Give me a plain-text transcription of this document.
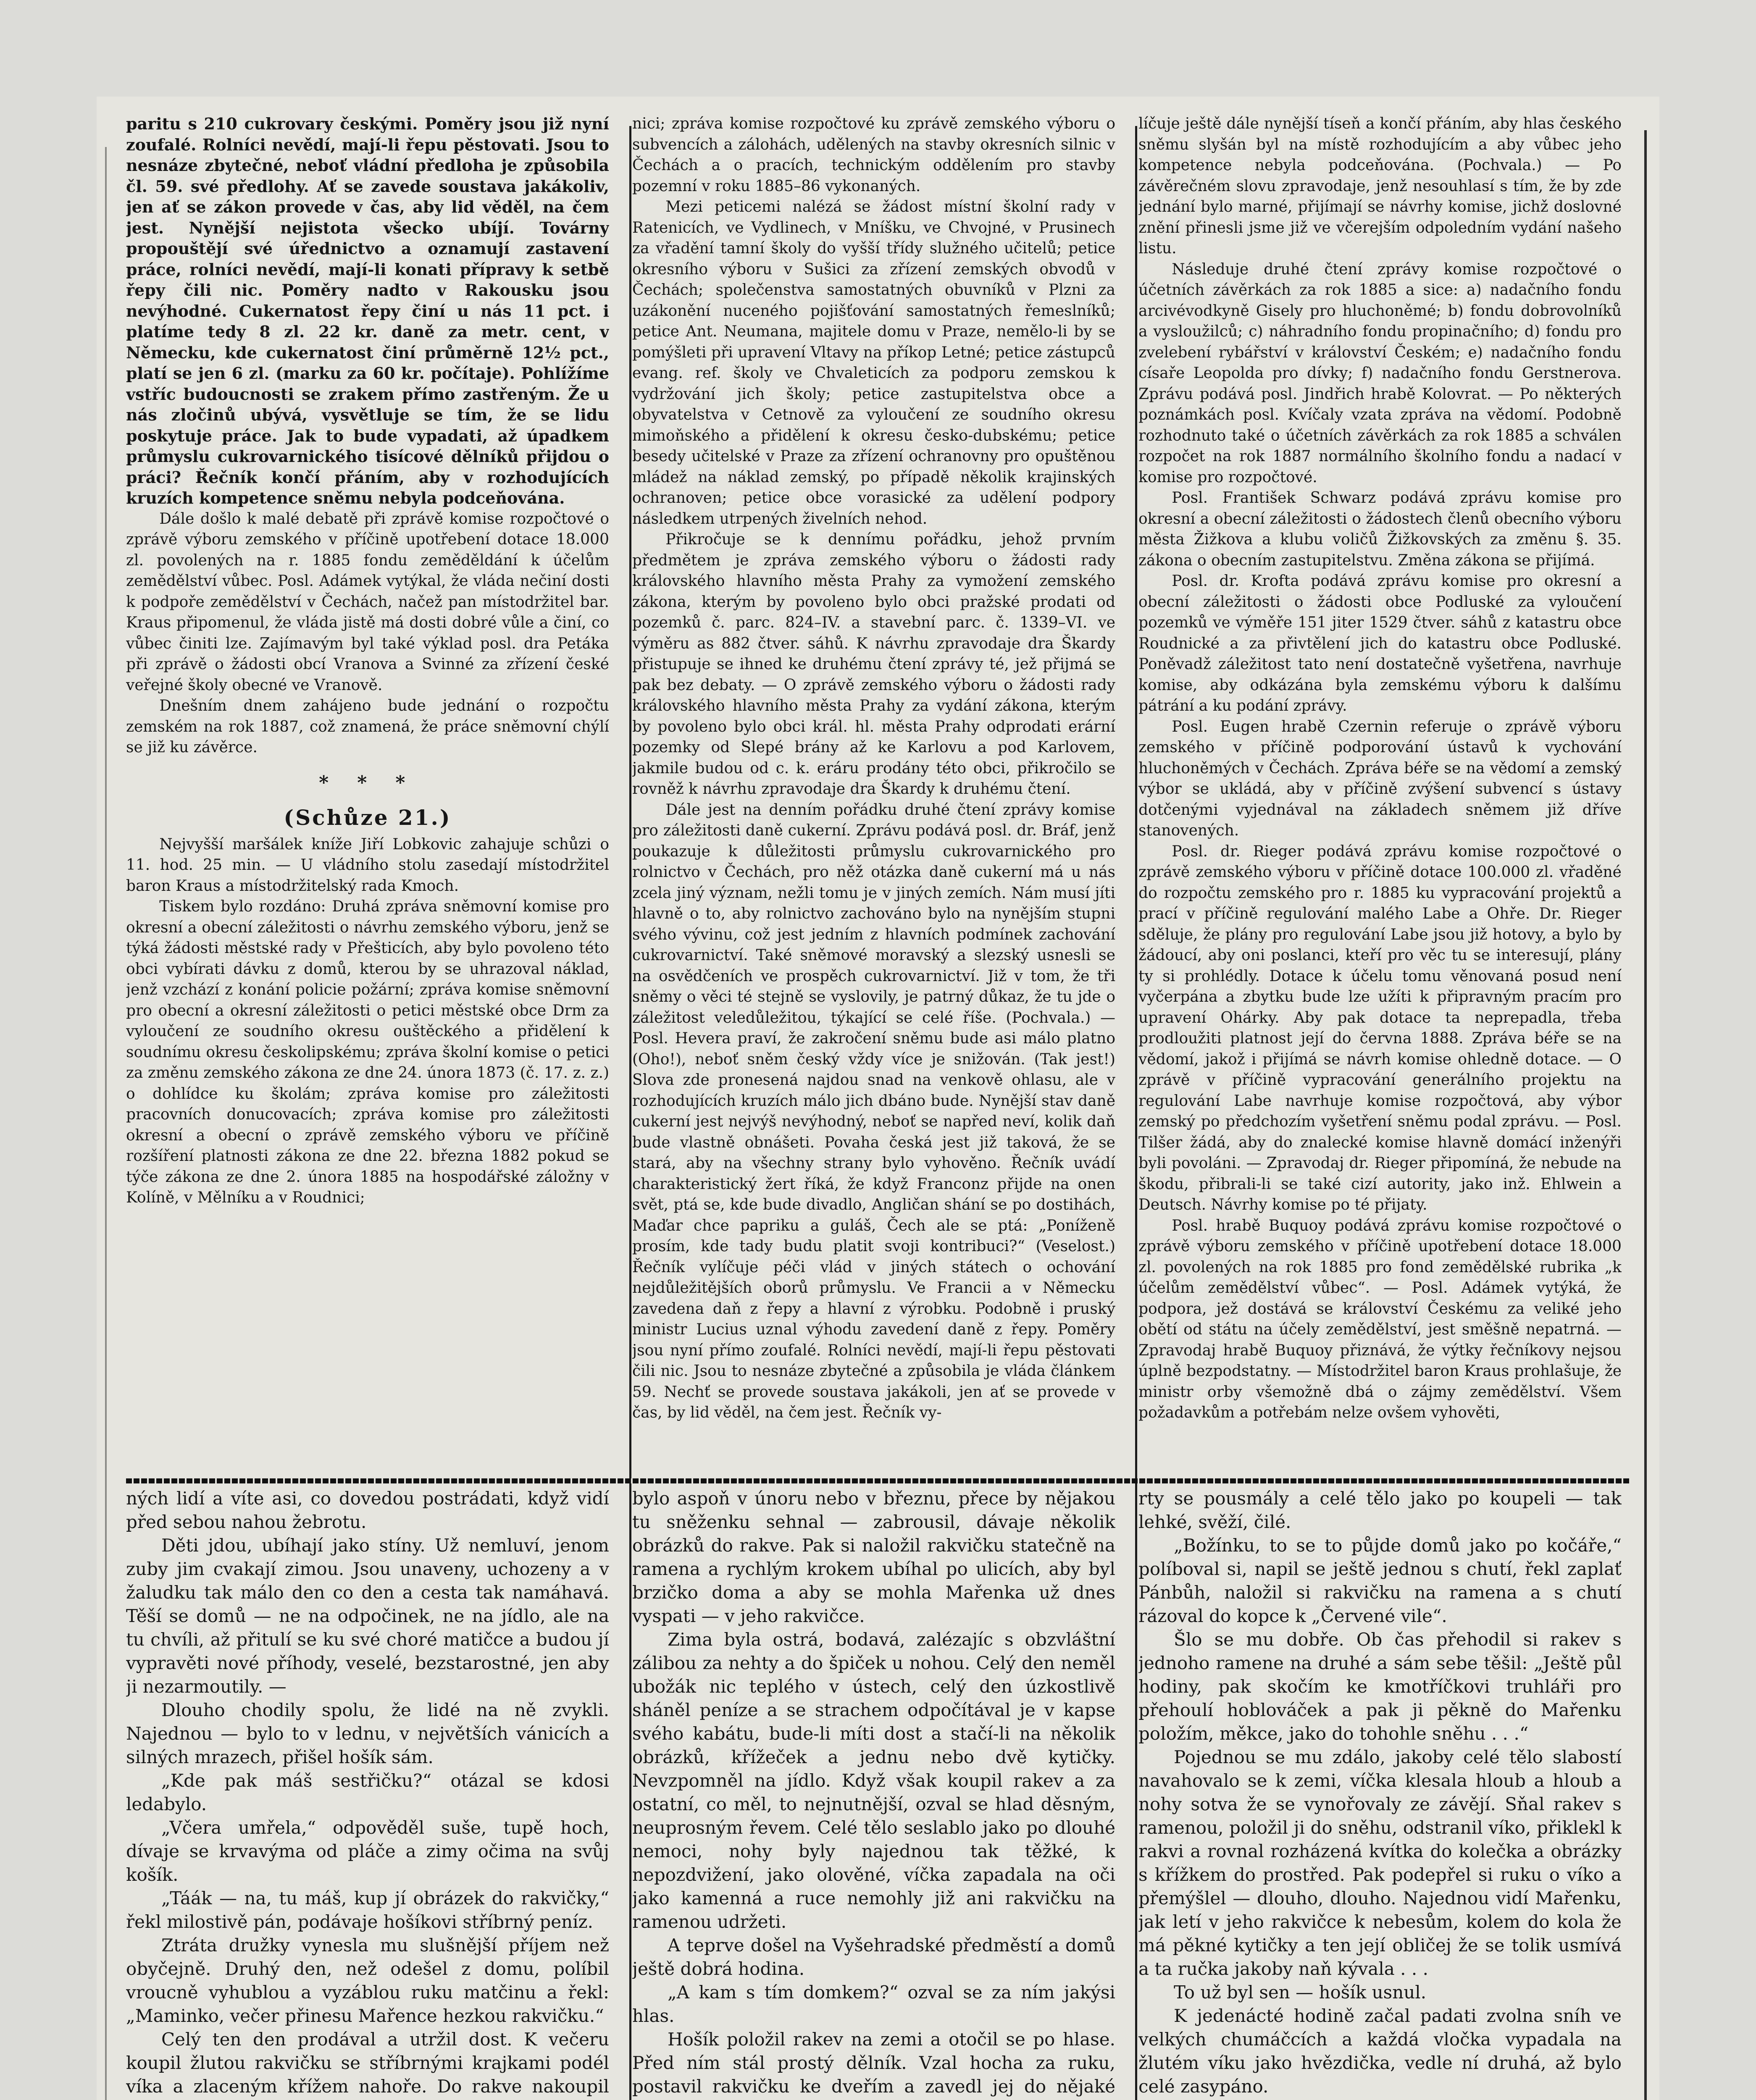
paritu s 210 cukrovary českými. Poměry jsou již nyní zoufalé. Rolníci nevědí, mají-li řepu pěstovati. Jsou to nesnáze zbytečné, neboť vládní předloha je způsobila čl. 59. své předlohy. Ať se zavede soustava jakákoliv, jen ať se zákon provede v čas, aby lid věděl, na čem jest. Nynější nejistota všecko ubíjí. Továrny propouštějí své úřednictvo a oznamují zastavení práce, rolníci nevědí, mají-li konati přípravy k setbě řepy čili nic. Poměry nadto v Rakousku jsou nevýhodné. Cukernatost řepy činí u nás 11 pct. i platíme tedy 8 zl. 22 kr. daně za metr. cent, v Německu, kde cukernatost činí průměrně 12½ pct., platí se jen 6 zl. (marku za 60 kr. počítaje). Pohlížíme vstříc budoucnosti se zrakem přímo zastřeným. Že u nás zločinů ubývá, vysvětluje se tím, že se lidu poskytuje práce. Jak to bude vypadati, až úpadkem průmyslu cukrovarnického tisícové dělníků přijdou o práci? Řečník končí přáním, aby v rozhodujících kruzích kompetence sněmu nebyla podceňována.

Dále došlo k malé debatě při zprávě komise rozpočtové o zprávě výboru zemského v příčině upotřebení dotace 18.000 zl. povolených na r. 1885 fondu zeměděldání k účelům zemědělství vůbec. Posl. Adámek vytýkal, že vláda nečiní dosti k podpoře zemědělství v Čechách, načež pan místodržitel bar. Kraus připomenul, že vláda jistě má dosti dobré vůle a činí, co vůbec činiti lze. Zajímavým byl také výklad posl. dra Petáka při zprávě o žádosti obcí Vranova a Svinné za zřízení české veřejné školy obecné ve Vranově.

Dnešním dnem zahájeno bude jednání o rozpočtu zemském na rok 1887, což znamená, že práce sněmovní chýlí se již ku závěrce.

* * *

(Schůze 21.)

Nejvyšší maršálek kníže Jiří Lobkovic zahajuje schůzi o 11. hod. 25 min. — U vládního stolu zasedají místodržitel baron Kraus a místodržitelský rada Kmoch.

Tiskem bylo rozdáno: Druhá zpráva sněmovní komise pro okresní a obecní záležitosti o návrhu zemského výboru, jenž se týká žádosti městské rady v Přešticích, aby bylo povoleno této obci vybírati dávku z domů, kterou by se uhrazoval náklad, jenž vzchází z konání policie požární; zpráva komise sněmovní pro obecní a okresní záležitosti o petici městské obce Drm za vyloučení ze soudního okresu ouštěckého a přidělení k soudnímu okresu českolipskému; zpráva školní komise o petici za změnu zemského zákona ze dne 24. února 1873 (č. 17. z. z.) o dohlídce ku školám; zpráva komise pro záležitosti pracovních donucovacích; zpráva komise pro záležitosti okresní a obecní o zprávě zemského výboru ve příčině rozšíření platnosti zákona ze dne 22. března 1882 pokud se týče zákona ze dne 2. února 1885 na hospodářské záložny v Kolíně, v Mělníku a v Roudnici;

nici; zpráva komise rozpočtové ku zprávě zemského výboru o subvencích a zálohách, udělených na stavby okresních silnic v Čechách a o pracích, technickým oddělením pro stavby pozemní v roku 1885–86 vykonaných.

Mezi peticemi nalézá se žádost místní školní rady v Ratenicích, ve Vydlinech, v Mníšku, ve Chvojné, v Prusinech za vřadění tamní školy do vyšší třídy služného učitelů; petice okresního výboru v Sušici za zřízení zemských obvodů v Čechách; společenstva samostatných obuvníků v Plzni za uzákonění nuceného pojišťování samostatných řemeslníků; petice Ant. Neumana, majitele domu v Praze, nemělo-li by se pomýšleti při upravení Vltavy na příkop Letné; petice zástupců evang. ref. školy ve Chvaleticích za podporu zemskou k vydržování jich školy; petice zastupitelstva obce a obyvatelstva v Cetnově za vyloučení ze soudního okresu mimoňského a přidělení k okresu česko-dubskému; petice besedy učitelské v Praze za zřízení ochranovny pro opuštěnou mládež na náklad zemský, po případě několik krajinských ochranoven; petice obce vorasické za udělení podpory následkem utrpených živelních nehod.

Přikročuje se k dennímu pořádku, jehož prvním předmětem je zpráva zemského výboru o žádosti rady královského hlavního města Prahy za vymožení zemského zákona, kterým by povoleno bylo obci pražské prodati od pozemků č. parc. 824–IV. a stavební parc. č. 1339–VI. ve výměru as 882 čtver. sáhů. K návrhu zpravodaje dra Škardy přistupuje se ihned ke druhému čtení zprávy té, jež přijmá se pak bez debaty. — O zprávě zemského výboru o žádosti rady královského hlavního města Prahy za vydání zákona, kterým by povoleno bylo obci král. hl. města Prahy odprodati erární pozemky od Slepé brány až ke Karlovu a pod Karlovem, jakmile budou od c. k. eráru prodány této obci, přikročilo se rovněž k návrhu zpravodaje dra Škardy k druhému čtení.

Dále jest na denním pořádku druhé čtení zprávy komise pro záležitosti daně cukerní. Zprávu podává posl. dr. Bráf, jenž poukazuje k důležitosti průmyslu cukrovarnického pro rolnictvo v Čechách, pro něž otázka daně cukerní má u nás zcela jiný význam, nežli tomu je v jiných zemích. Nám musí jíti hlavně o to, aby rolnictvo zachováno bylo na nynějším stupni svého vývinu, což jest jedním z hlavních podmínek zachování cukrovarnictví. Také sněmové moravský a slezský usnesli se na osvědčeních ve prospěch cukrovarnictví. Již v tom, že tři sněmy o věci té stejně se vyslovily, je patrný důkaz, že tu jde o záležitost veledůležitou, týkající se celé říše. (Pochvala.) — Posl. Hevera praví, že zakročení sněmu bude asi málo platno (Oho!), neboť sněm český vždy více je snižován. (Tak jest!) Slova zde pronesená najdou snad na venkově ohlasu, ale v rozhodujících kruzích málo jich dbáno bude. Nynější stav daně cukerní jest nejvýš nevýhodný, neboť se napřed neví, kolik daň bude vlastně obnášeti. Povaha česká jest již taková, že se stará, aby na všechny strany bylo vyhověno. Řečník uvádí charakteristický žert říká, že když Franconz přijde na onen svět, ptá se, kde bude divadlo, Angličan shání se po dostihách, Maďar chce papriku a guláš, Čech ale se ptá: „Poníženě prosím, kde tady budu platit svoji kontribuci?“ (Veselost.) Řečník vylíčuje péči vlád v jiných státech o ochování nejdůležitějších oborů průmyslu. Ve Francii a v Německu zavedena daň z řepy a hlavní z výrobku. Podobně i pruský ministr Lucius uznal výhodu zavedení daně z řepy. Poměry jsou nyní přímo zoufalé. Rolníci nevědí, mají-li řepu pěstovati čili nic. Jsou to nesnáze zbytečné a způsobila je vláda článkem 59. Nechť se provede soustava jakákoli, jen ať se provede v čas, by lid věděl, na čem jest. Řečník vy-

líčuje ještě dále nynější tíseň a končí přáním, aby hlas českého sněmu slyšán byl na místě rozhodujícím a aby vůbec jeho kompetence nebyla podceňována. (Pochvala.) — Po závěrečném slovu zpravodaje, jenž nesouhlasí s tím, že by zde jednání bylo marné, přijímají se návrhy komise, jichž doslovné znění přinesli jsme již ve včerejším odpoledním vydání našeho listu.

Následuje druhé čtení zprávy komise rozpočtové o účetních závěrkách za rok 1885 a sice: a) nadačního fondu arcivévodkyně Gisely pro hluchoněmé; b) fondu dobrovolníků a vysloužilců; c) náhradního fondu propinačního; d) fondu pro zvelebení rybářství v království Českém; e) nadačního fondu císaře Leopolda pro dívky; f) nadačního fondu Gerstnerova. Zprávu podává posl. Jindřich hrabě Kolovrat. — Po některých poznámkách posl. Kvíčaly vzata zpráva na vědomí. Podobně rozhodnuto také o účetních závěrkách za rok 1885 a schválen rozpočet na rok 1887 normálního školního fondu a nadací v komise pro rozpočtové.

Posl. František Schwarz podává zprávu komise pro okresní a obecní záležitosti o žádostech členů obecního výboru města Žižkova a klubu voličů Žižkovských za změnu §. 35. zákona o obecním zastupitelstvu. Změna zákona se přijímá.

Posl. dr. Krofta podává zprávu komise pro okresní a obecní záležitosti o žádosti obce Podluské za vyloučení pozemků ve výměře 151 jiter 1529 čtver. sáhů z katastru obce Roudnické a za přivtělení jich do katastru obce Podluské. Poněvadž záležitost tato není dostatečně vyšetřena, navrhuje komise, aby odkázána byla zemskému výboru k dalšímu pátrání a ku podání zprávy.

Posl. Eugen hrabě Czernin referuje o zprávě výboru zemského v příčině podporování ústavů k vychování hluchoněmých v Čechách. Zpráva béře se na vědomí a zemský výbor se ukládá, aby v příčině zvýšení subvencí s ústavy dotčenými vyjednával na základech sněmem již dříve stanovených.

Posl. dr. Rieger podává zprávu komise rozpočtové o zprávě zemského výboru v příčině dotace 100.000 zl. vřaděné do rozpočtu zemského pro r. 1885 ku vypracování projektů a prací v příčině regulování malého Labe a Ohře. Dr. Rieger sděluje, že plány pro regulování Labe jsou již hotovy, a bylo by žádoucí, aby oni poslanci, kteří pro věc tu se interesují, plány ty si prohlédly. Dotace k účelu tomu věnovaná posud není vyčerpána a zbytku bude lze užíti k připravným pracím pro upravení Ohárky. Aby pak dotace ta neprepadla, třeba prodloužiti platnost její do června 1888. Zpráva béře se na vědomí, jakož i přijímá se návrh komise ohledně dotace. — O zprávě v příčině vypracování generálního projektu na regulování Labe navrhuje komise rozpočtová, aby výbor zemský po předchozím vyšetření sněmu podal zprávu. — Posl. Tilšer žádá, aby do znalecké komise hlavně domácí inženýři byli povoláni. — Zpravodaj dr. Rieger připomíná, že nebude na škodu, přibrali-li se také cizí autority, jako inž. Ehlwein a Deutsch. Návrhy komise po té přijaty.

Posl. hrabě Buquoy podává zprávu komise rozpočtové o zprávě výboru zemského v příčině upotřebení dotace 18.000 zl. povolených na rok 1885 pro fond zemědělské rubrika „k účelům zemědělství vůbec“. — Posl. Adámek vytýká, že podpora, jež dostává se království Českému za veliké jeho obětí od státu na účely zemědělství, jest směšně nepatrná. — Zpravodaj hrabě Buquoy přiznává, že výtky řečníkovy nejsou úplně bezpodstatny. — Místodržitel baron Kraus prohlašuje, že ministr orby všemožně dbá o zájmy zemědělství. Všem požadavkům a potřebám nelze ovšem vyhověti,

ných lidí a víte asi, co dovedou postrádati, když vidí před sebou nahou žebrotu.

Děti jdou, ubíhají jako stíny. Už nemluví, jenom zuby jim cvakají zimou. Jsou unaveny, uchozeny a v žaludku tak málo den co den a cesta tak namáhavá. Těší se domů — ne na odpočinek, ne na jídlo, ale na tu chvíli, až přitulí se ku své choré matičce a budou jí vypravěti nové příhody, veselé, bezstarostné, jen aby ji nezarmoutily. —

Dlouho chodily spolu, že lidé na ně zvykli. Najednou — bylo to v lednu, v největších vánicích a silných mrazech, přišel hošík sám.

„Kde pak máš sestřičku?“ otázal se kdosi ledabylo.

„Včera umřela,“ odpověděl suše, tupě hoch, dívaje se krvavýma od pláče a zimy očima na svůj košík.

„Táák — na, tu máš, kup jí obrázek do rakvičky,“ řekl milostivě pán, podávaje hošíkovi stříbrný peníz.

Ztráta družky vynesla mu slušnější příjem než obyčejně. Druhý den, než odešel z domu, políbil vroucně vyhublou a vyzáblou ruku matčinu a řekl: „Maminko, večer přinesu Mařence hezkou rakvičku.“

Celý ten den prodával a utržil dost. K večeru koupil žlutou rakvičku se stříbrnými krajkami podél víka a zlaceným křížem nahoře. Do rakve nakoupil

bylo aspoň v únoru nebo v březnu, přece by nějakou tu sněženku sehnal — zabrousil, dávaje několik obrázků do rakve. Pak si naložil rakvičku statečně na ramena a rychlým krokem ubíhal po ulicích, aby byl brzičko doma a aby se mohla Mařenka už dnes vyspati — v jeho rakvičce.

Zima byla ostrá, bodavá, zalézajíc s obzvláštní zálibou za nehty a do špiček u nohou. Celý den neměl ubožák nic teplého v ústech, celý den úzkostlivě sháněl peníze a se strachem odpočítával je v kapse svého kabátu, bude-li míti dost a stačí-li na několik obrázků, křížeček a jednu nebo dvě kytičky. Nevzpomněl na jídlo. Když však koupil rakev a za ostatní, co měl, to nejnutnější, ozval se hlad děsným, neuprosným řevem. Celé tělo seslablo jako po dlouhé nemoci, nohy byly najednou tak těžké, k nepozdvižení, jako olověné, víčka zapadala na oči jako kamenná a ruce nemohly již ani rakvičku na ramenou udržeti.

A teprve došel na Vyšehradské předměstí a domů ještě dobrá hodina.

„A kam s tím domkem?“ ozval se za ním jakýsi hlas.

Hošík položil rakev na zemi a otočil se po hlase. Před ním stál prostý dělník. Vzal hocha za ruku, postavil rakvičku ke dveřím a zavedl jej do nějaké

rty se pousmály a celé tělo jako po koupeli — tak lehké, svěží, čilé.

„Božínku, to se to půjde domů jako po kočáře,“ políboval si, napil se ještě jednou s chutí, řekl zaplať Pánbůh, naložil si rakvičku na ramena a s chutí rázoval do kopce k „Červené vile“.

Šlo se mu dobře. Ob čas přehodil si rakev s jednoho ramene na druhé a sám sebe těšil: „Ještě půl hodiny, pak skočím ke kmotříčkovi truhláři pro přehoulí hoblováček a pak ji pěkně do Mařenku položím, měkce, jako do tohohle sněhu . . .“

Pojednou se mu zdálo, jakoby celé tělo slabostí navahovalo se k zemi, víčka klesala hloub a hloub a nohy sotva že se vynořovaly ze závějí. Sňal rakev s ramenou, položil ji do sněhu, odstranil víko, přiklekl k rakvi a rovnal rozházená kvítka do kolečka a obrázky s křížkem do prostřed. Pak podepřel si ruku o víko a přemýšlel — dlouho, dlouho. Najednou vidí Mařenku, jak letí v jeho rakvičce k nebesům, kolem do kola že má pěkné kytičky a ten její obličej že se tolik usmívá a ta ručka jakoby naň kývala . . .

To už byl sen — hošík usnul.

K jedenácté hodině začal padati zvolna sníh ve velkých chumáčcích a každá vločka vypadala na žlutém víku jako hvězdička, vedle ní druhá, až bylo celé zasypáno.
